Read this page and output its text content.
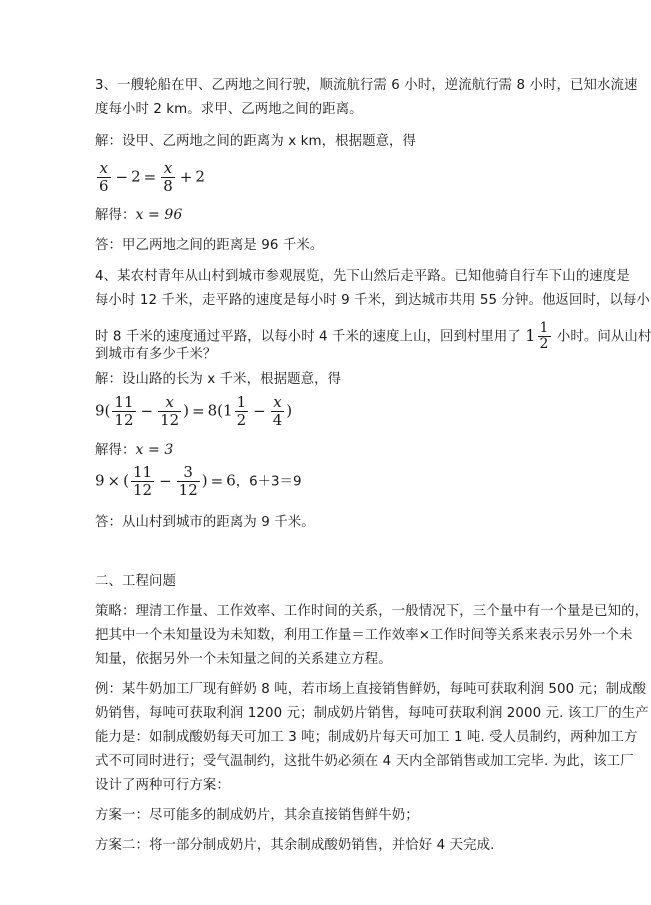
3、一艘轮船在甲、乙两地之间行驶，顺流航行需 6 小时，逆流航行需 8 小时，已知水流速
度每小时 2 km。求甲、乙两地之间的距离。
解：设甲、乙两地之间的距离为 x km，根据题意，得
$\frac{x}{6} - 2 = \frac{x}{8} + 2$
解得：x = 96
答：甲乙两地之间的距离是 96 千米。
4、某农村青年从山村到城市参观展览，先下山然后走平路。已知他骑自行车下山的速度是
每小时 12 千米，走平路的速度是每小时 9 千米，到达城市共用 55 分钟。他返回时，以每小
时 8 千米的速度通过平路，以每小时 4 千米的速度上山，回到村里用了 $1 \frac{1}{2}$ 小时。问从山村
到城市有多少千米？
解：设山路的长为 x 千米，根据题意，得
$9( \frac{11}{12} - \frac{x}{12}$ ) = $8(1 \frac{1}{2} - \frac{x}{4}$ )
解得：x = 3
9 × ( $\frac{11}{12} - \frac{3}{12}$ ) = 6，6＋3＝9
答：从山村到城市的距离为 9 千米。
二、工程问题
策略：理清工作量、工作效率、工作时间的关系，一般情况下，三个量中有一个量是已知的，
把其中一个未知量设为未知数，利用工作量＝工作效率×工作时间等关系来表示另外一个未
知量，依据另外一个未知量之间的关系建立方程。
例：某牛奶加工厂现有鲜奶 8 吨，若市场上直接销售鲜奶，每吨可获取利润 500 元；制成酸
奶销售，每吨可获取利润 1200 元；制成奶片销售，每吨可获取利润 2000 元. 该工厂的生产
能力是：如制成酸奶每天可加工 3 吨；制成奶片每天可加工 1 吨. 受人员制约，两种加工方
式不可同时进行；受气温制约，这批牛奶必须在 4 天内全部销售或加工完毕. 为此，该工厂
设计了两种可行方案：
方案一：尽可能多的制成奶片，其余直接销售鲜牛奶；
方案二：将一部分制成奶片，其余制成酸奶销售，并恰好 4 天完成.
